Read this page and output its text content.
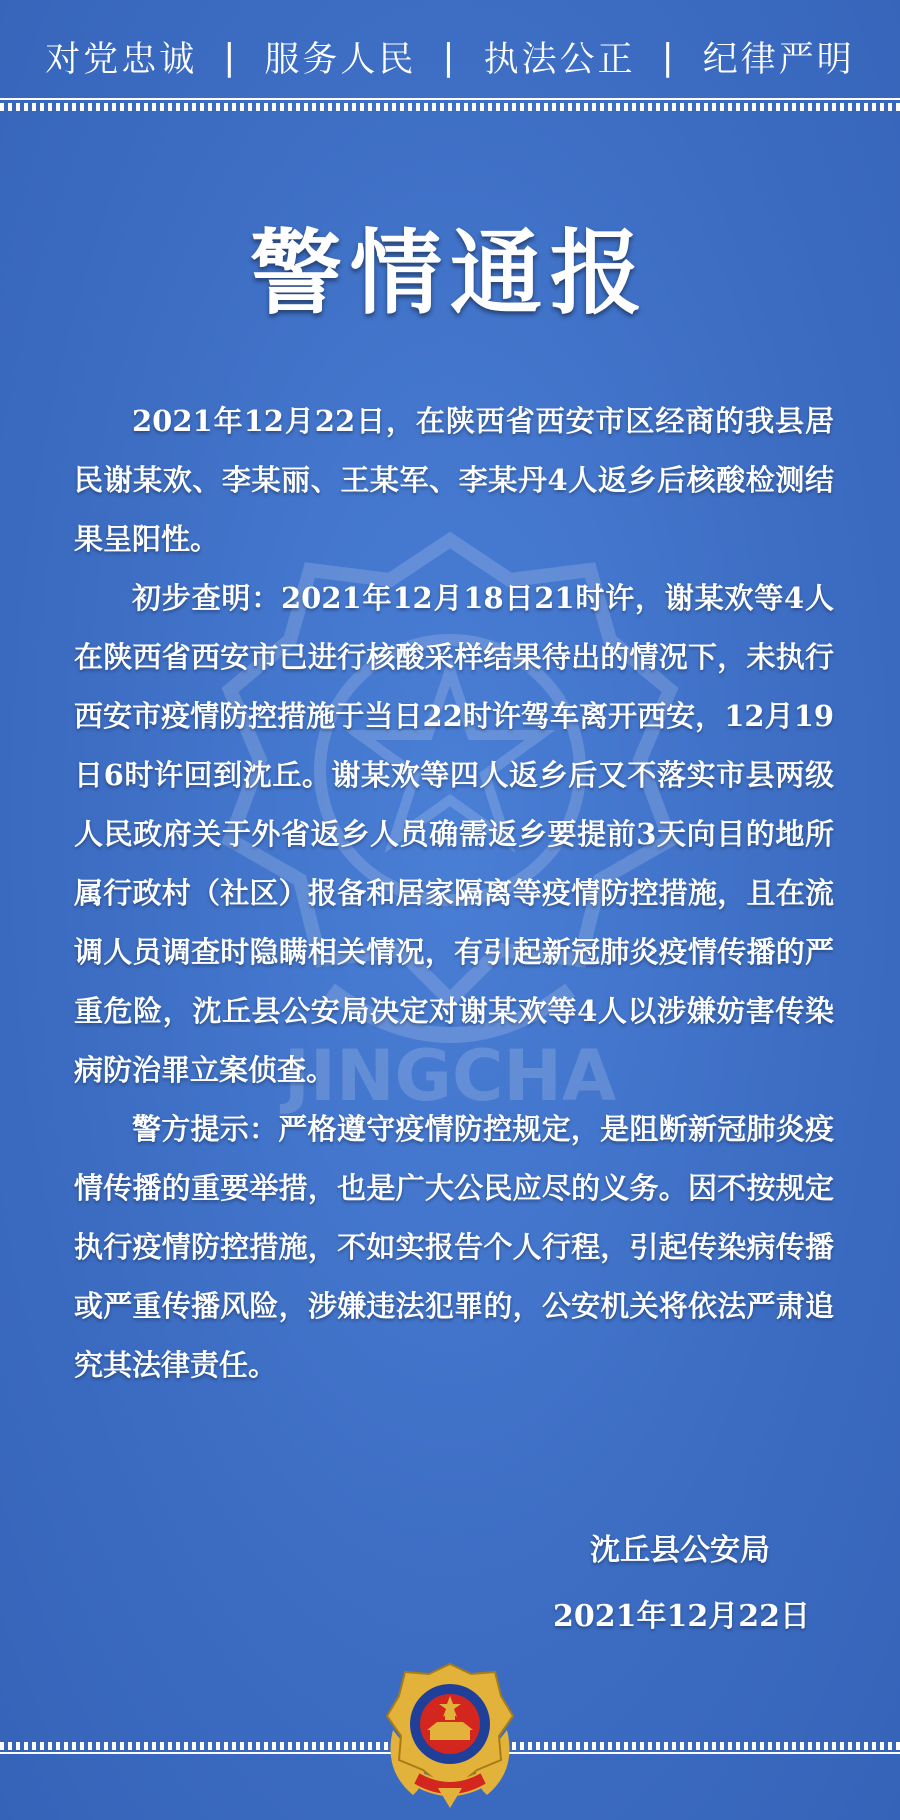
对党忠诚 | 服务人民 | 执法公正 | 纪律严明
JINGCHA
警情通报

2021年12月22日，在陕西省西安市区经商的我县居民谢某欢、李某丽、王某军、李某丹4人返乡后核酸检测结果呈阳性。

初步查明：2021年12月18日21时许，谢某欢等4人在陕西省西安市已进行核酸采样结果待出的情况下，未执行西安市疫情防控措施于当日22时许驾车离开西安，12月19日6时许回到沈丘。谢某欢等四人返乡后又不落实市县两级人民政府关于外省返乡人员确需返乡要提前3天向目的地所属行政村（社区）报备和居家隔离等疫情防控措施，且在流调人员调查时隐瞒相关情况，有引起新冠肺炎疫情传播的严重危险，沈丘县公安局决定对谢某欢等4人以涉嫌妨害传染病防治罪立案侦查。

警方提示：严格遵守疫情防控规定，是阻断新冠肺炎疫情传播的重要举措，也是广大公民应尽的义务。因不按规定执行疫情防控措施，不如实报告个人行程，引起传染病传播或严重传播风险，涉嫌违法犯罪的，公安机关将依法严肃追究其法律责任。

沈丘县公安局
2021年12月22日
